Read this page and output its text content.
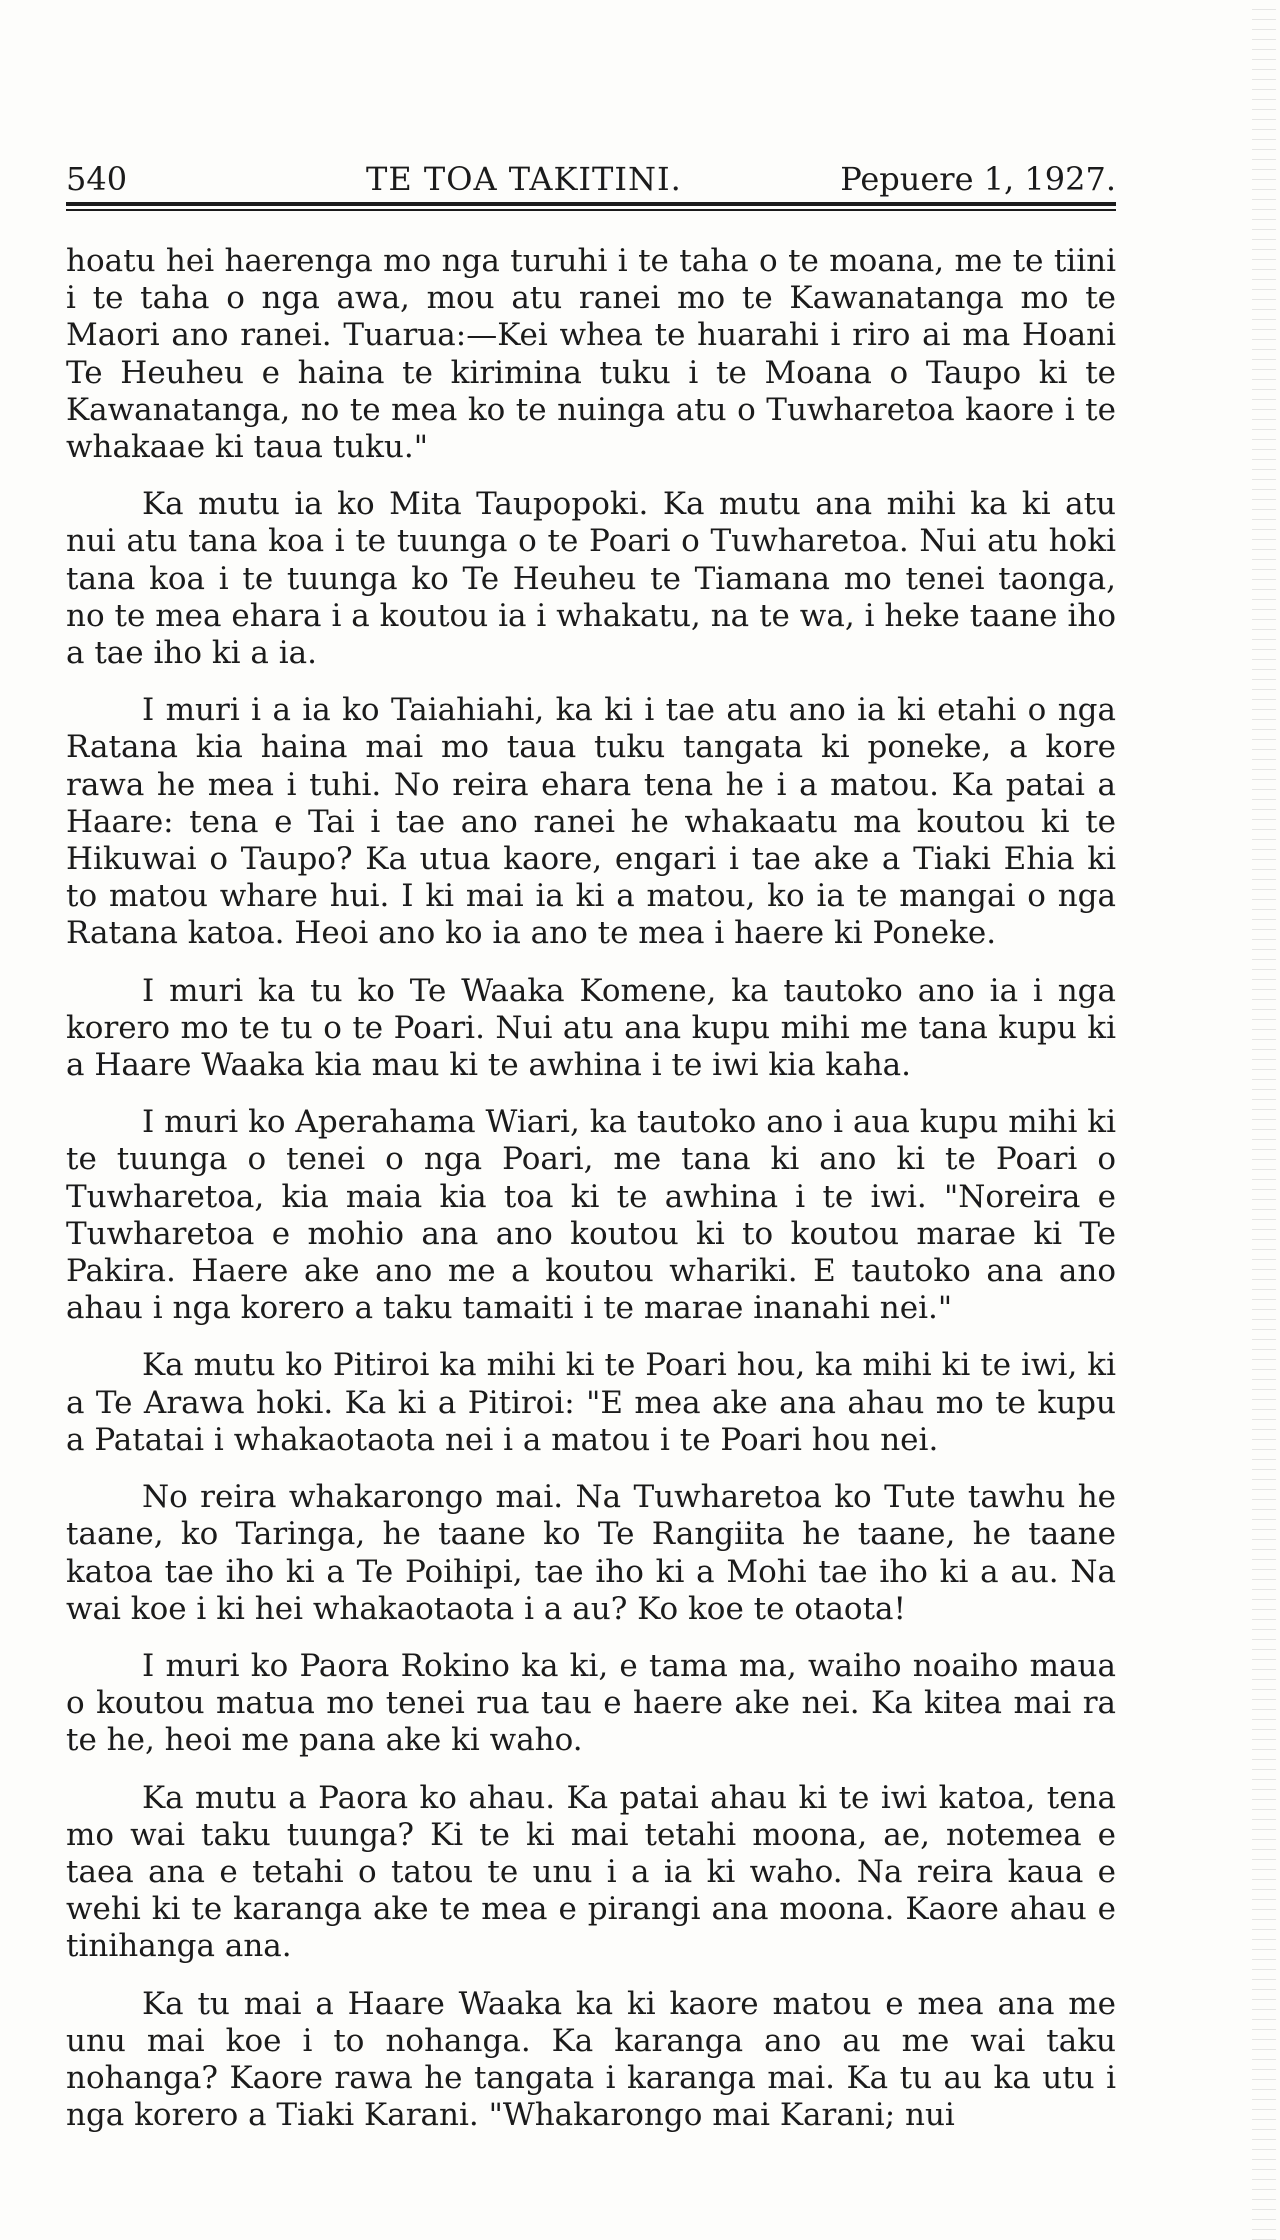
540	TE TOA TAKITINI.	Pepuere 1, 1927.

hoatu hei haerenga mo nga turuhi i te taha o te moana, me te tiini i te taha o nga awa, mou atu ranei mo te Kawanatanga mo te Maori ano ranei. Tuarua:—Kei whea te huarahi i riro ai ma Hoani Te Heuheu e haina te kirimina tuku i te Moana o Taupo ki te Kawanatanga, no te mea ko te nuinga atu o Tuwharetoa kaore i te whakaae ki taua tuku."

Ka mutu ia ko Mita Taupopoki. Ka mutu ana mihi ka ki atu nui atu tana koa i te tuunga o te Poari o Tuwharetoa. Nui atu hoki tana koa i te tuunga ko Te Heuheu te Tiamana mo tenei taonga, no te mea ehara i a koutou ia i whakatu, na te wa, i heke taane iho a tae iho ki a ia.

I muri i a ia ko Taiahiahi, ka ki i tae atu ano ia ki etahi o nga Ratana kia haina mai mo taua tuku tangata ki poneke, a kore rawa he mea i tuhi. No reira ehara tena he i a matou. Ka patai a Haare: tena e Tai i tae ano ranei he whakaatu ma koutou ki te Hikuwai o Taupo? Ka utua kaore, engari i tae ake a Tiaki Ehia ki to matou whare hui. I ki mai ia ki a matou, ko ia te mangai o nga Ratana katoa. Heoi ano ko ia ano te mea i haere ki Poneke.

I muri ka tu ko Te Waaka Komene, ka tautoko ano ia i nga korero mo te tu o te Poari. Nui atu ana kupu mihi me tana kupu ki a Haare Waaka kia mau ki te awhina i te iwi kia kaha.

I muri ko Aperahama Wiari, ka tautoko ano i aua kupu mihi ki te tuunga o tenei o nga Poari, me tana ki ano ki te Poari o Tuwharetoa, kia maia kia toa ki te awhina i te iwi. "Noreira e Tuwharetoa e mohio ana ano koutou ki to koutou marae ki Te Pakira. Haere ake ano me a koutou whariki. E tautoko ana ano ahau i nga korero a taku tamaiti i te marae inanahi nei."

Ka mutu ko Pitiroi ka mihi ki te Poari hou, ka mihi ki te iwi, ki a Te Arawa hoki. Ka ki a Pitiroi: "E mea ake ana ahau mo te kupu a Patatai i whakaotaota nei i a matou i te Poari hou nei.

No reira whakarongo mai. Na Tuwharetoa ko Tute tawhu he taane, ko Taringa, he taane ko Te Rangiita he taane, he taane katoa tae iho ki a Te Poihipi, tae iho ki a Mohi tae iho ki a au. Na wai koe i ki hei whakaotaota i a au? Ko koe te otaota!

I muri ko Paora Rokino ka ki, e tama ma, waiho noaiho maua o koutou matua mo tenei rua tau e haere ake nei. Ka kitea mai ra te he, heoi me pana ake ki waho.

Ka mutu a Paora ko ahau. Ka patai ahau ki te iwi katoa, tena mo wai taku tuunga? Ki te ki mai tetahi moona, ae, notemea e taea ana e tetahi o tatou te unu i a ia ki waho. Na reira kaua e wehi ki te karanga ake te mea e pirangi ana moona. Kaore ahau e tinihanga ana.

Ka tu mai a Haare Waaka ka ki kaore matou e mea ana me unu mai koe i to nohanga. Ka karanga ano au me wai taku nohanga? Kaore rawa he tangata i karanga mai. Ka tu au ka utu i nga korero a Tiaki Karani. "Whakarongo mai Karani; nui
